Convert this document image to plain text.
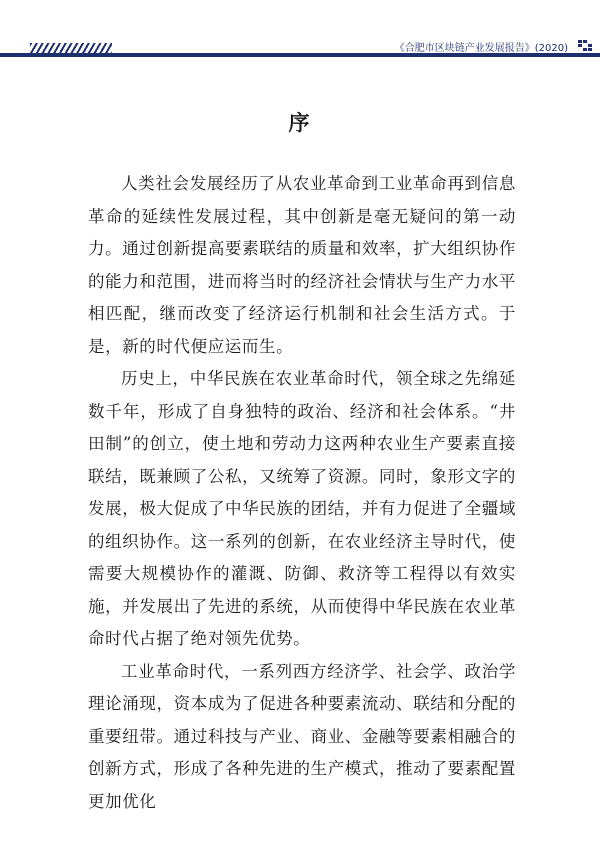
《合肥市区块链产业发展报告》(2020)
序

人类社会发展经历了从农业革命到工业革命再到信息革命的延续性发展过程，其中创新是毫无疑问的第一动力。通过创新提高要素联结的质量和效率，扩大组织协作的能力和范围，进而将当时的经济社会情状与生产力水平相匹配，继而改变了经济运行机制和社会生活方式。于是，新的时代便应运而生。

历史上，中华民族在农业革命时代，领全球之先绵延数千年，形成了自身独特的政治、经济和社会体系。“井田制”的创立，使土地和劳动力这两种农业生产要素直接联结，既兼顾了公私，又统筹了资源。同时，象形文字的发展，极大促成了中华民族的团结，并有力促进了全疆域的组织协作。这一系列的创新，在农业经济主导时代，使需要大规模协作的灌溉、防御、救济等工程得以有效实施，并发展出了先进的系统，从而使得中华民族在农业革命时代占据了绝对领先优势。

工业革命时代，一系列西方经济学、社会学、政治学理论涌现，资本成为了促进各种要素流动、联结和分配的重要纽带。通过科技与产业、商业、金融等要素相融合的创新方式，形成了各种先进的生产模式，推动了要素配置更加优化
